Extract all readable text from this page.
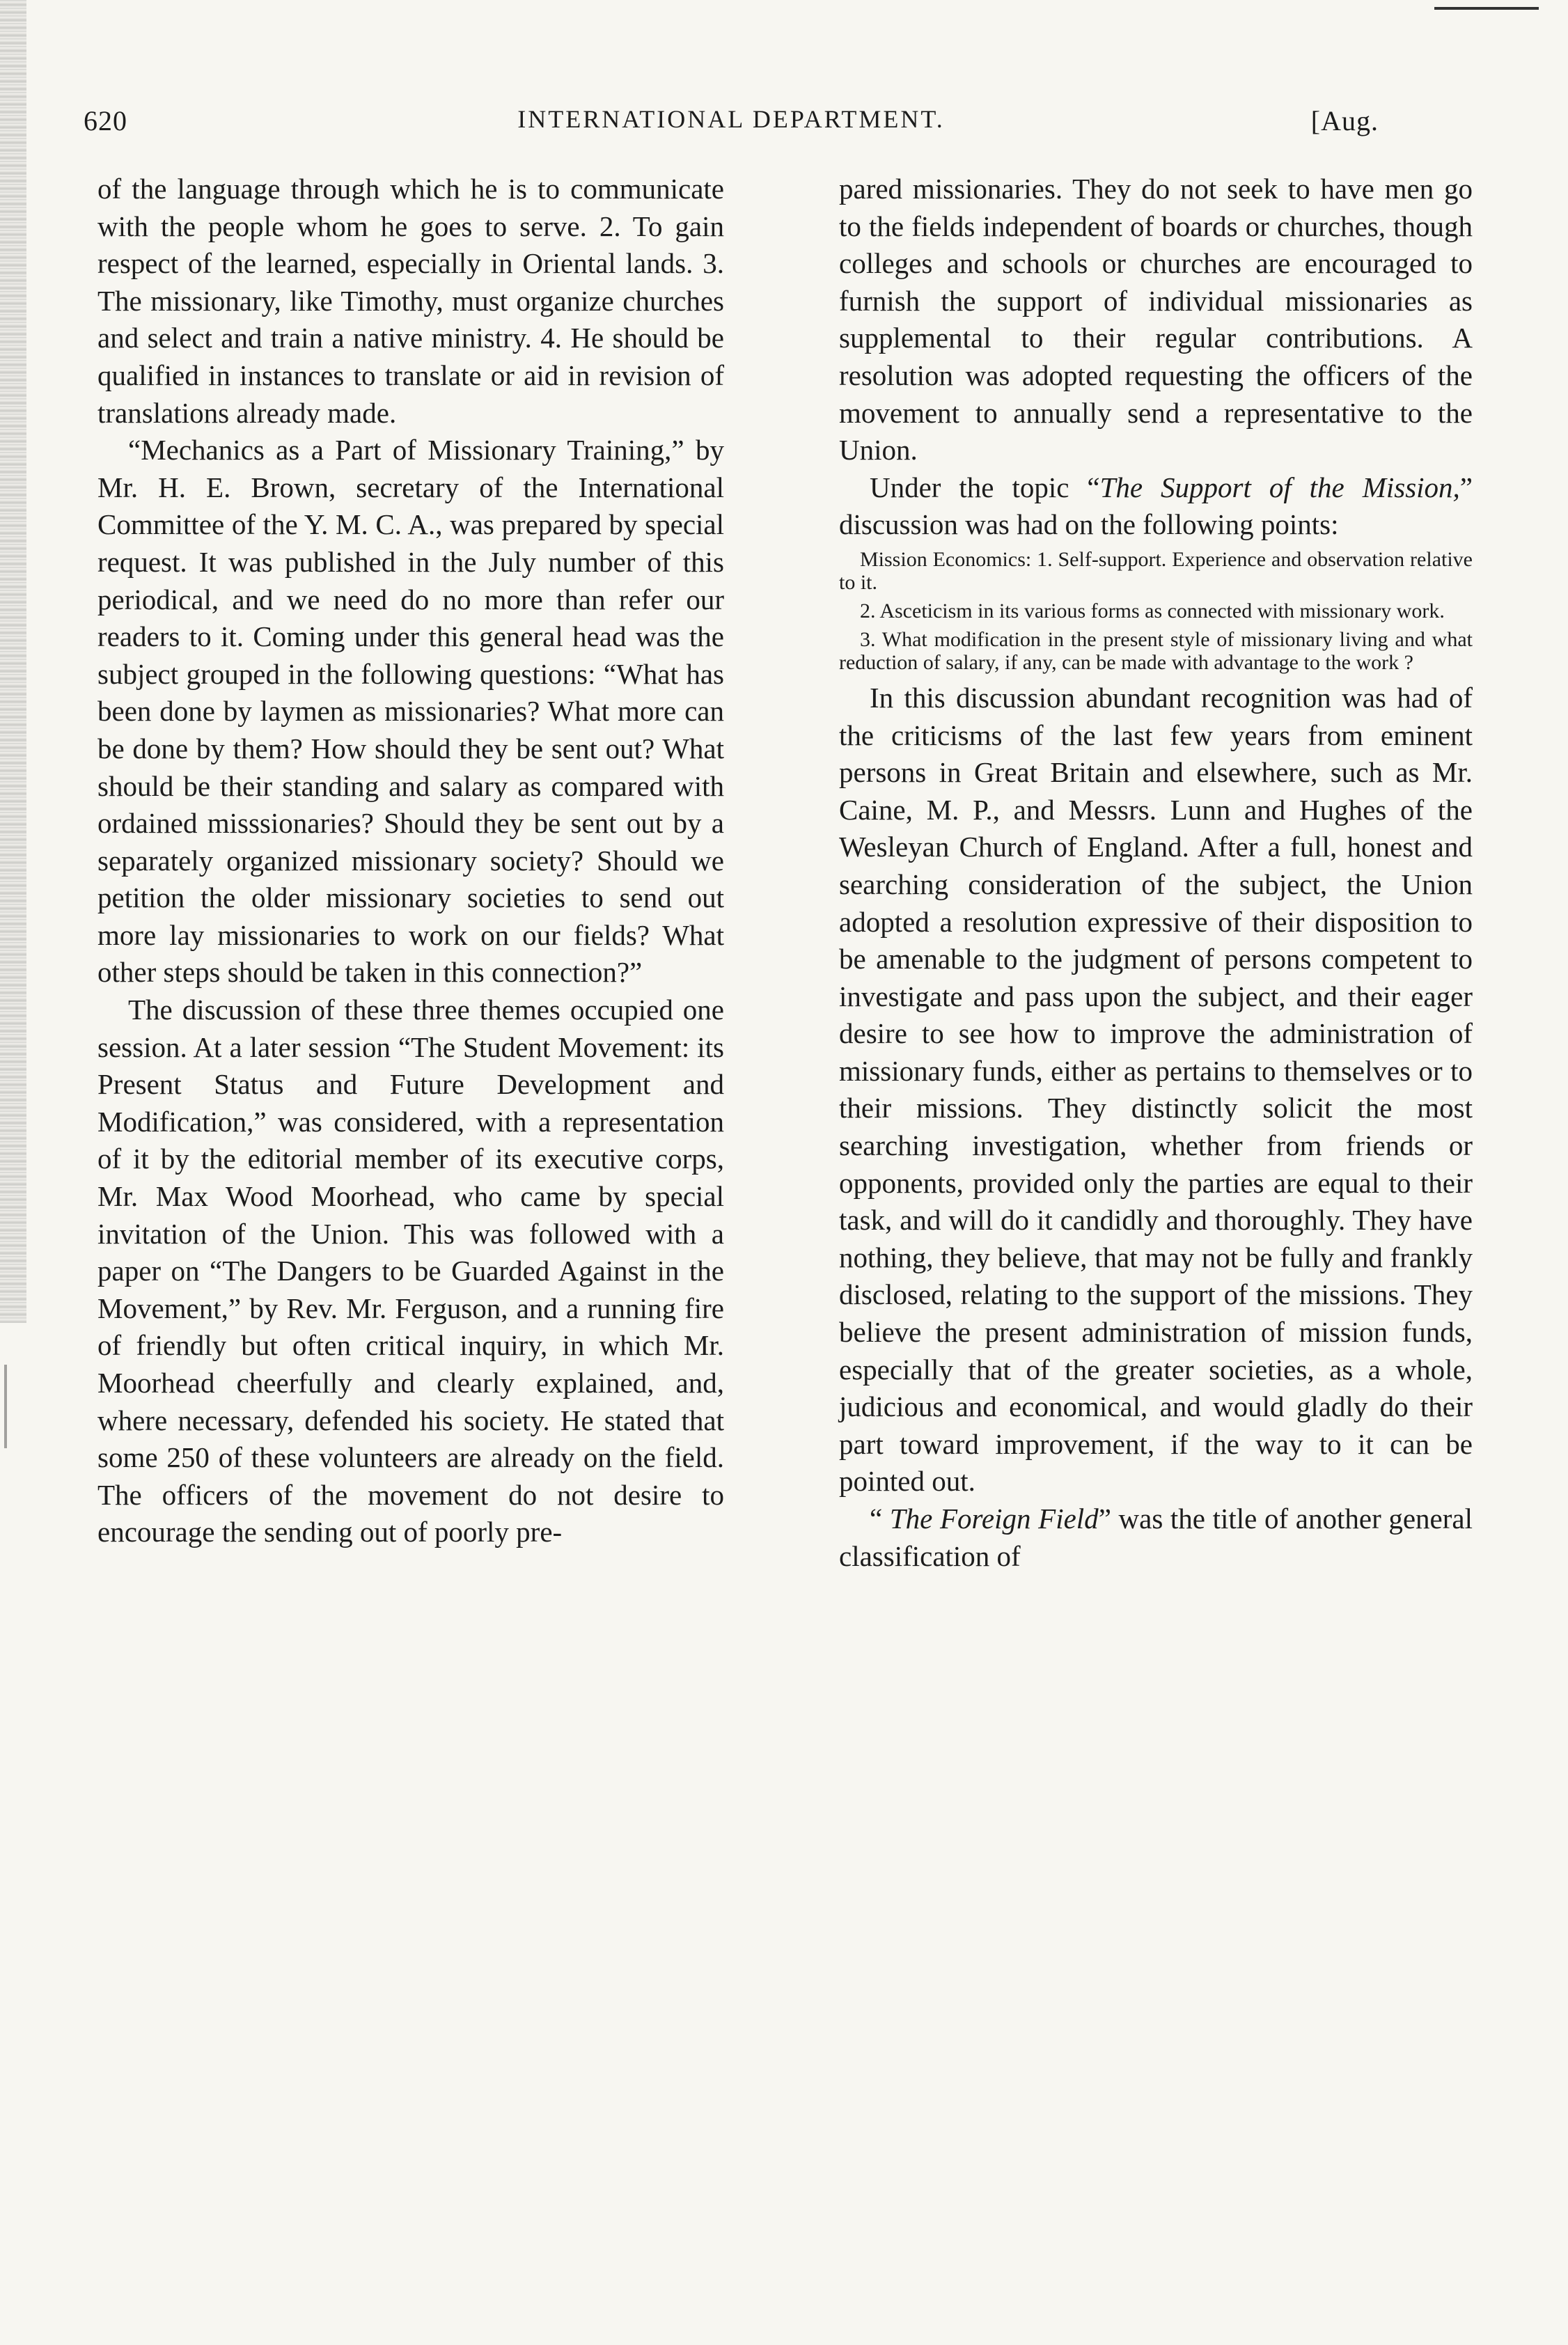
620	INTERNATIONAL DEPARTMENT.	[Aug.

of the language through which he is to communicate with the people whom he goes to serve. 2. To gain respect of the learned, especially in Oriental lands. 3. The missionary, like Timothy, must organize churches and select and train a native ministry. 4. He should be qualified in instances to translate or aid in revision of translations already made.

“Mechanics as a Part of Missionary Training,” by Mr. H. E. Brown, secretary of the International Committee of the Y. M. C. A., was prepared by special request. It was published in the July number of this periodical, and we need do no more than refer our readers to it. Coming under this general head was the subject grouped in the following questions: “What has been done by laymen as missionaries? What more can be done by them? How should they be sent out? What should be their standing and salary as compared with ordained misssionaries? Should they be sent out by a separately organized missionary society? Should we petition the older missionary societies to send out more lay missionaries to work on our fields? What other steps should be taken in this connection?”

The discussion of these three themes occupied one session. At a later session “The Student Movement: its Present Status and Future Development and Modification,” was considered, with a representation of it by the editorial member of its executive corps, Mr. Max Wood Moorhead, who came by special invitation of the Union. This was followed with a paper on “The Dangers to be Guarded Against in the Movement,” by Rev. Mr. Ferguson, and a running fire of friendly but often critical inquiry, in which Mr. Moorhead cheerfully and clearly explained, and, where necessary, defended his society. He stated that some 250 of these volunteers are already on the field. The officers of the movement do not desire to encourage the sending out of poorly pre-

pared missionaries. They do not seek to have men go to the fields independent of boards or churches, though colleges and schools or churches are encouraged to furnish the support of individual missionaries as supplemental to their regular contributions. A resolution was adopted requesting the officers of the movement to annually send a representative to the Union.

Under the topic “The Support of the Mission,” discussion was had on the following points:

Mission Economics: 1. Self-support. Experience and observation relative to it.

2. Asceticism in its various forms as connected with missionary work.

3. What modification in the present style of missionary living and what reduction of salary, if any, can be made with advantage to the work ?

In this discussion abundant recognition was had of the criticisms of the last few years from eminent persons in Great Britain and elsewhere, such as Mr. Caine, M. P., and Messrs. Lunn and Hughes of the Wesleyan Church of England. After a full, honest and searching consideration of the subject, the Union adopted a resolution expressive of their disposition to be amenable to the judgment of persons competent to investigate and pass upon the subject, and their eager desire to see how to improve the administration of missionary funds, either as pertains to themselves or to their missions. They distinctly solicit the most searching investigation, whether from friends or opponents, provided only the parties are equal to their task, and will do it candidly and thoroughly. They have nothing, they believe, that may not be fully and frankly disclosed, relating to the support of the missions. They believe the present administration of mission funds, especially that of the greater societies, as a whole, judicious and economical, and would gladly do their part toward improvement, if the way to it can be pointed out.

“ The Foreign Field” was the title of another general classification of
